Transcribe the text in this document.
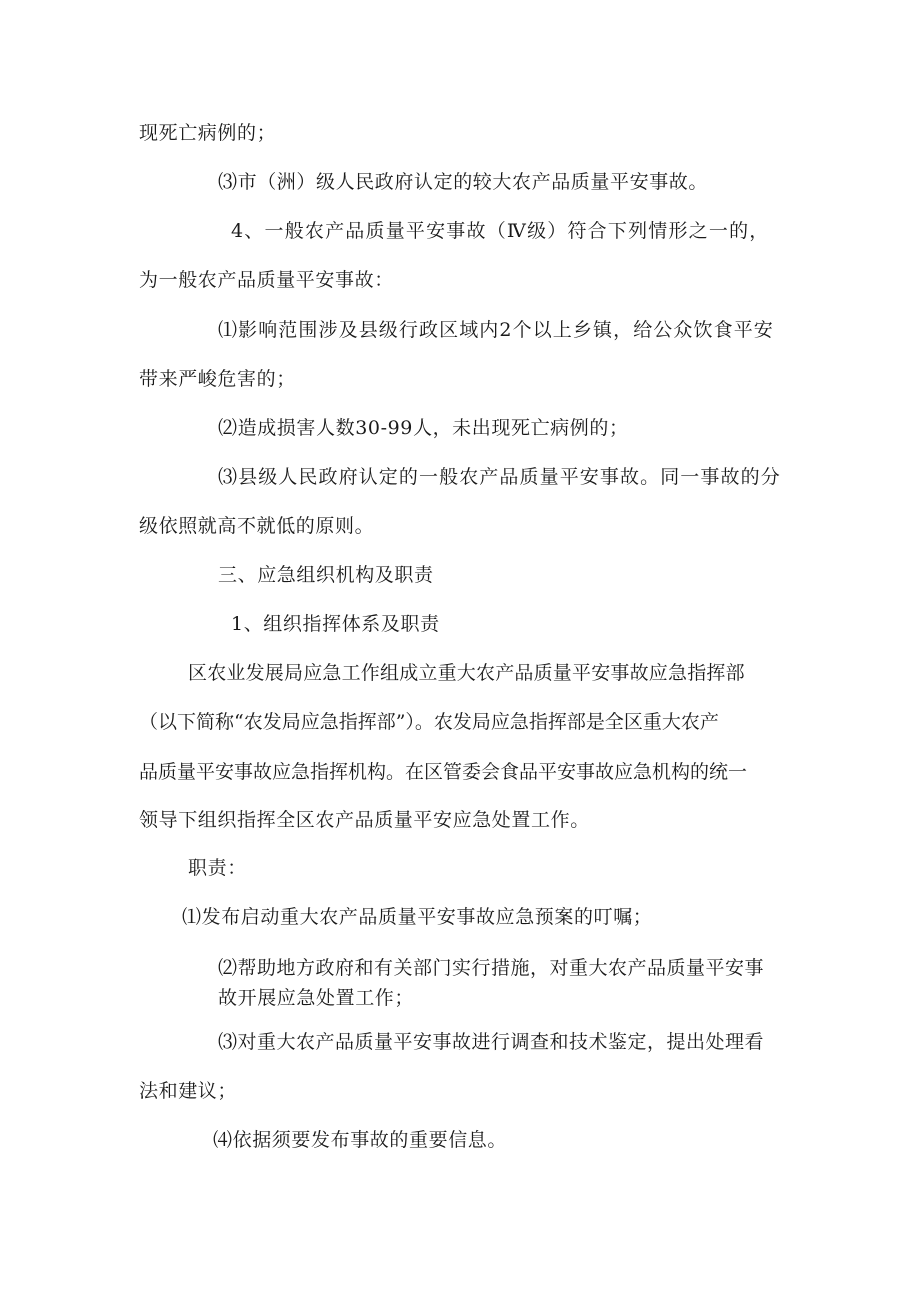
现死亡病例的；
⑶市（洲）级人民政府认定的较大农产品质量平安事故。
4、一般农产品质量平安事故（Ⅳ级）符合下列情形之一的，
为一般农产品质量平安事故：
⑴影响范围涉及县级行政区域内2个以上乡镇，给公众饮食平安
带来严峻危害的；
⑵造成损害人数30-99人，未出现死亡病例的；
⑶县级人民政府认定的一般农产品质量平安事故。同一事故的分
级依照就高不就低的原则。
三、应急组织机构及职责
1、组织指挥体系及职责
区农业发展局应急工作组成立重大农产品质量平安事故应急指挥部
（以下简称“农发局应急指挥部”）。农发局应急指挥部是全区重大农产
品质量平安事故应急指挥机构。在区管委会食品平安事故应急机构的统一
领导下组织指挥全区农产品质量平安应急处置工作。
职责：
⑴发布启动重大农产品质量平安事故应急预案的叮嘱；
⑵帮助地方政府和有关部门实行措施，对重大农产品质量平安事
故开展应急处置工作；
⑶对重大农产品质量平安事故进行调查和技术鉴定，提出处理看
法和建议；
⑷依据须要发布事故的重要信息。
